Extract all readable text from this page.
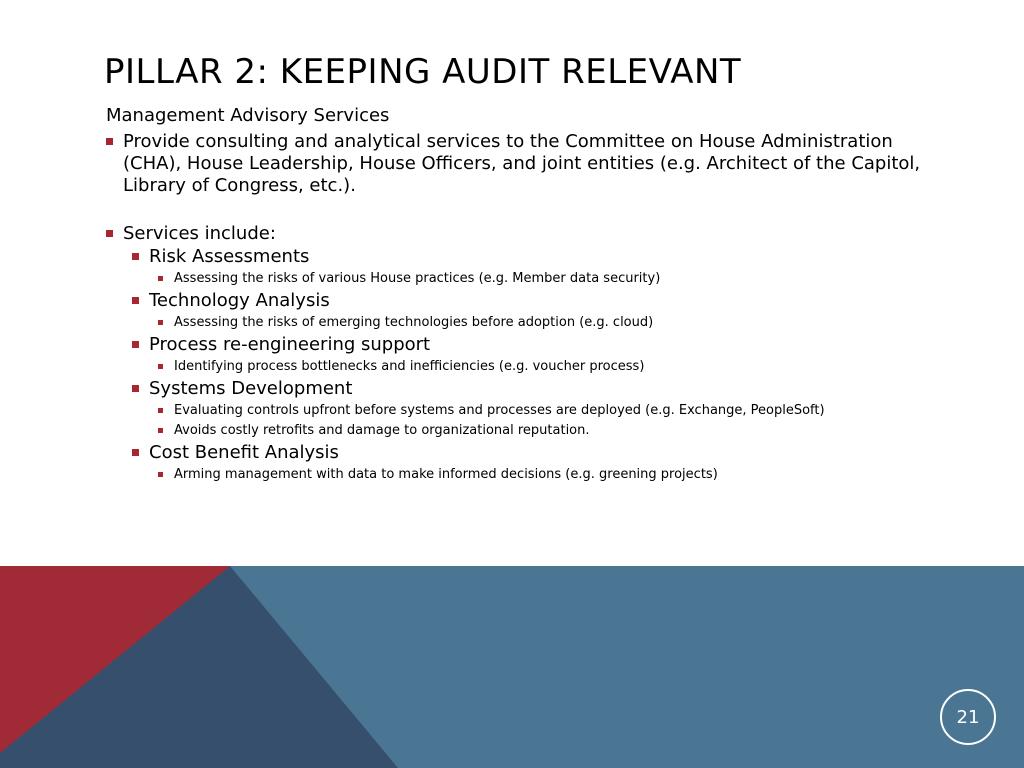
PILLAR 2: KEEPING AUDIT RELEVANT

Management Advisory Services

Provide consulting and analytical services to the Committee on House Administration (CHA), House Leadership, House Officers, and joint entities (e.g. Architect of the Capitol, Library of Congress, etc.).
Services include:
Risk Assessments
Assessing the risks of various House practices (e.g. Member data security)
Technology Analysis
Assessing the risks of emerging technologies before adoption (e.g. cloud)
Process re-engineering support
Identifying process bottlenecks and inefficiencies (e.g. voucher process)
Systems Development
Evaluating controls upfront before systems and processes are deployed (e.g. Exchange, PeopleSoft)
Avoids costly retrofits and damage to organizational reputation.
Cost Benefit Analysis
Arming management with data to make informed decisions (e.g. greening projects)
21
